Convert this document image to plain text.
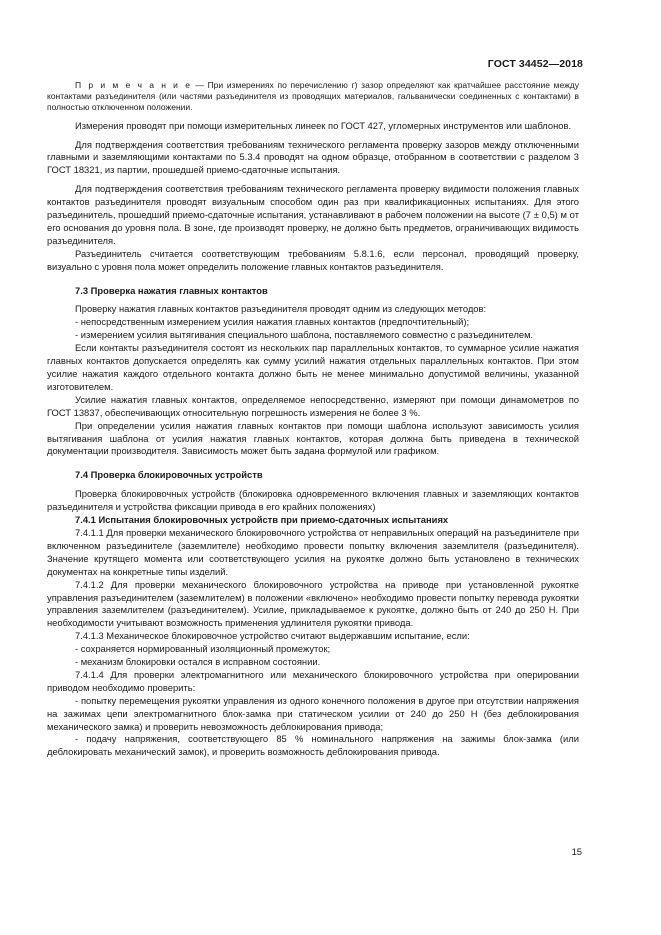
ГОСТ 34452—2018

П р и м е ч а н и е — При измерениях по перечислению г) зазор определяют как кратчайшее расстояние между контактами разъединителя (или частями разъединителя из проводящих материалов, гальванически соединенных с контактами) в полностью отключенном положении.

Измерения проводят при помощи измерительных линеек по ГОСТ 427, угломерных инструментов или шаблонов.

Для подтверждения соответствия требованиям технического регламента проверку зазоров между отключенными главными и заземляющими контактами по 5.3.4 проводят на одном образце, отобранном в соответствии с разделом 3 ГОСТ 18321, из партии, прошедшей приемо-сдаточные испытания.

Для подтверждения соответствия требованиям технического регламента проверку видимости положения главных контактов разъединителя проводят визуальным способом один раз при квалификационных испытаниях. Для этого разъединитель, прошедший приемо-сдаточные испытания, устанавливают в рабочем положении на высоте (7 ± 0,5) м от его основания до уровня пола. В зоне, где производят проверку, не должно быть предметов, ограничивающих видимость разъединителя.

Разъединитель считается соответствующим требованиям 5.8.1.6, если персонал, проводящий проверку, визуально с уровня пола может определить положение главных контактов разъединителя.

7.3 Проверка нажатия главных контактов

Проверку нажатия главных контактов разъединителя проводят одним из следующих методов:

- непосредственным измерением усилия нажатия главных контактов (предпочтительный);

- измерением усилия вытягивания специального шаблона, поставляемого совместно с разъединителем.

Если контакты разъединителя состоят из нескольких пар параллельных контактов, то суммарное усилие нажатия главных контактов допускается определять как сумму усилий нажатия отдельных параллельных контактов. При этом усилие нажатия каждого отдельного контакта должно быть не менее минимально допустимой величины, указанной изготовителем.

Усилие нажатия главных контактов, определяемое непосредственно, измеряют при помощи динамометров по ГОСТ 13837, обеспечивающих относительную погрешность измерения не более 3 %.

При определении усилия нажатия главных контактов при помощи шаблона используют зависимость усилия вытягивания шаблона от усилия нажатия главных контактов, которая должна быть приведена в технической документации производителя. Зависимость может быть задана формулой или графиком.

7.4 Проверка блокировочных устройств

Проверка блокировочных устройств (блокировка одновременного включения главных и заземляющих контактов разъединителя и устройства фиксации привода в его крайних положениях)

7.4.1 Испытания блокировочных устройств при приемо-сдаточных испытаниях

7.4.1.1 Для проверки механического блокировочного устройства от неправильных операций на разъединителе при включенном разъединителе (заземлителе) необходимо провести попытку включения заземлителя (разъединителя). Значение крутящего момента или соответствующего усилия на рукоятке должно быть установлено в технических документах на конкретные типы изделий.

7.4.1.2 Для проверки механического блокировочного устройства на приводе при установленной рукоятке управления разъединителем (заземлителем) в положении «включено» необходимо провести попытку перевода рукоятки управления заземлителем (разъединителем). Усилие, прикладываемое к рукоятке, должно быть от 240 до 250 Н. При необходимости учитывают возможность применения удлинителя рукоятки привода.

7.4.1.3 Механическое блокировочное устройство считают выдержавшим испытание, если:

- сохраняется нормированный изоляционный промежуток;

- механизм блокировки остался в исправном состоянии.

7.4.1.4 Для проверки электромагнитного или механического блокировочного устройства при оперировании приводом необходимо проверить:

- попытку перемещения рукоятки управления из одного конечного положения в другое при отсутствии напряжения на зажимах цепи электромагнитного блок-замка при статическом усилии от 240 до 250 Н (без деблокирования механического замка) и проверить невозможность деблокирования привода;

- подачу напряжения, соответствующего 85 % номинального напряжения на зажимы блок-замка (или деблокировать механический замок), и проверить возможность деблокирования привода.

15
